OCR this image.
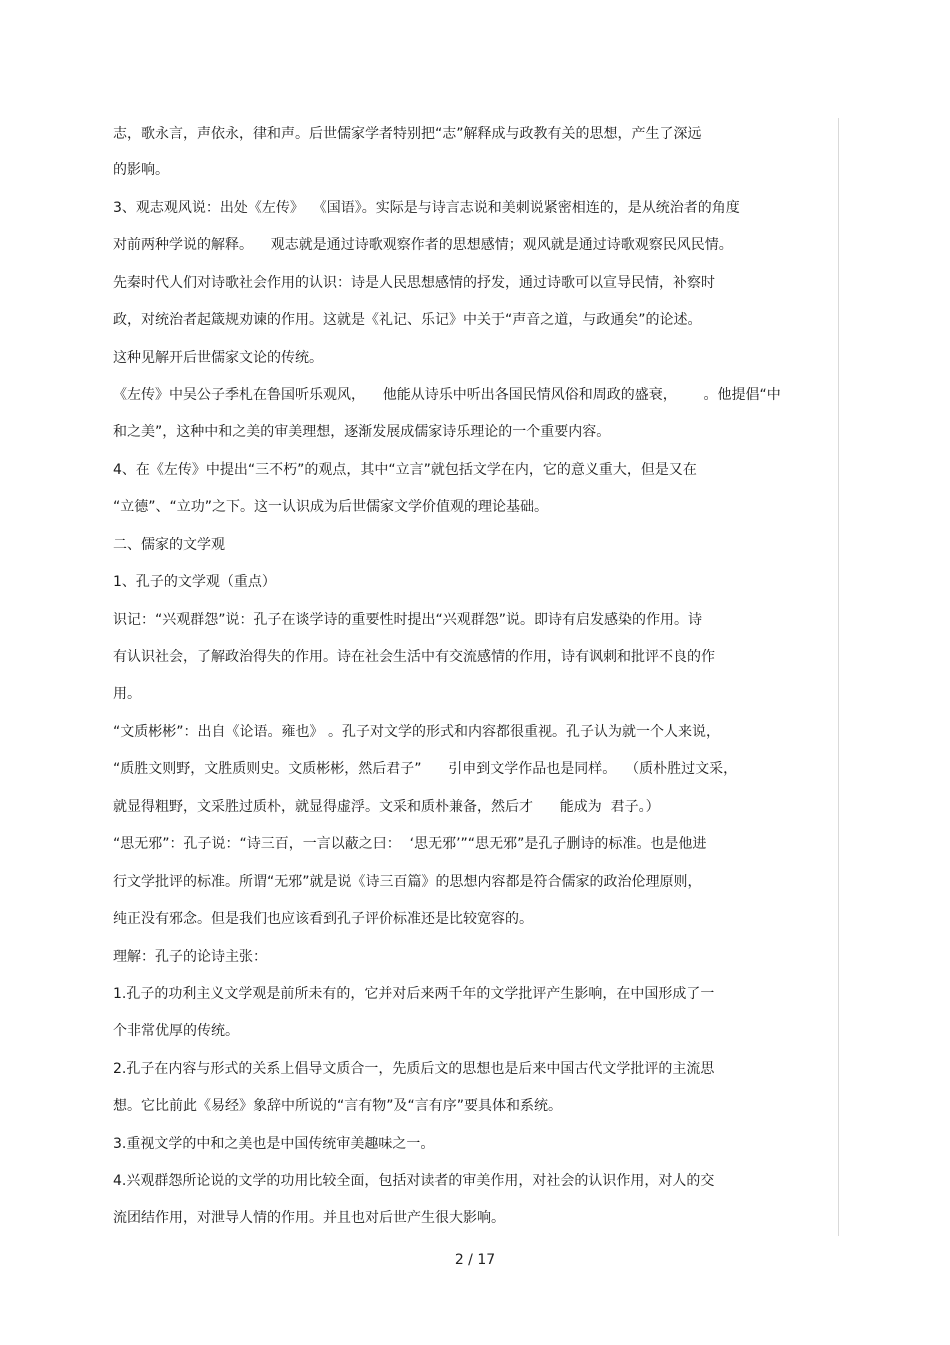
志，歌永言，声依永，律和声。后世儒家学者特别把“志”解释成与政教有关的思想，产生了深远
的影响。
3、观志观风说：出处《左传》  《国语》。实际是与诗言志说和美刺说紧密相连的，是从统治者的角度
对前两种学说的解释。    观志就是通过诗歌观察作者的思想感情；观风就是通过诗歌观察民风民情。
先秦时代人们对诗歌社会作用的认识：诗是人民思想感情的抒发，通过诗歌可以宣导民情，补察时
政，对统治者起箴规劝谏的作用。这就是《礼记、乐记》中关于“声音之道，与政通矣”的论述。
这种见解开后世儒家文论的传统。
《左传》中吴公子季札在鲁国听乐观风，    他能从诗乐中听出各国民情风俗和周政的盛衰，      。他提倡“中
和之美”，这种中和之美的审美理想，逐渐发展成儒家诗乐理论的一个重要内容。
4、在《左传》中提出“三不朽”的观点，其中“立言”就包括文学在内，它的意义重大，但是又在
“立德”、“立功”之下。这一认识成为后世儒家文学价值观的理论基础。
二、儒家的文学观
1、孔子的文学观（重点）
识记：“兴观群怨”说：孔子在谈学诗的重要性时提出“兴观群怨”说。即诗有启发感染的作用。诗
有认识社会，了解政治得失的作用。诗在社会生活中有交流感情的作用，诗有讽刺和批评不良的作
用。
“文质彬彬”：出自《论语。雍也》 。孔子对文学的形式和内容都很重视。孔子认为就一个人来说，
“质胜文则野，文胜质则史。文质彬彬，然后君子”      引申到文学作品也是同样。  （质朴胜过文采，
就显得粗野，文采胜过质朴，就显得虚浮。文采和质朴兼备，然后才      能成为  君子。）
“思无邪”：孔子说：“诗三百，一言以蔽之曰：  ‘思无邪’”“思无邪”是孔子删诗的标准。也是他进
行文学批评的标准。所谓“无邪”就是说《诗三百篇》的思想内容都是符合儒家的政治伦理原则，
纯正没有邪念。但是我们也应该看到孔子评价标准还是比较宽容的。
理解：孔子的论诗主张：
1.孔子的功利主义文学观是前所未有的，它并对后来两千年的文学批评产生影响，在中国形成了一
个非常优厚的传统。
2.孔子在内容与形式的关系上倡导文质合一，先质后文的思想也是后来中国古代文学批评的主流思
想。它比前此《易经》象辞中所说的“言有物”及“言有序”要具体和系统。
3.重视文学的中和之美也是中国传统审美趣味之一。
4.兴观群怨所论说的文学的功用比较全面，包括对读者的审美作用，对社会的认识作用，对人的交
流团结作用，对泄导人情的作用。并且也对后世产生很大影响。
2 / 17
